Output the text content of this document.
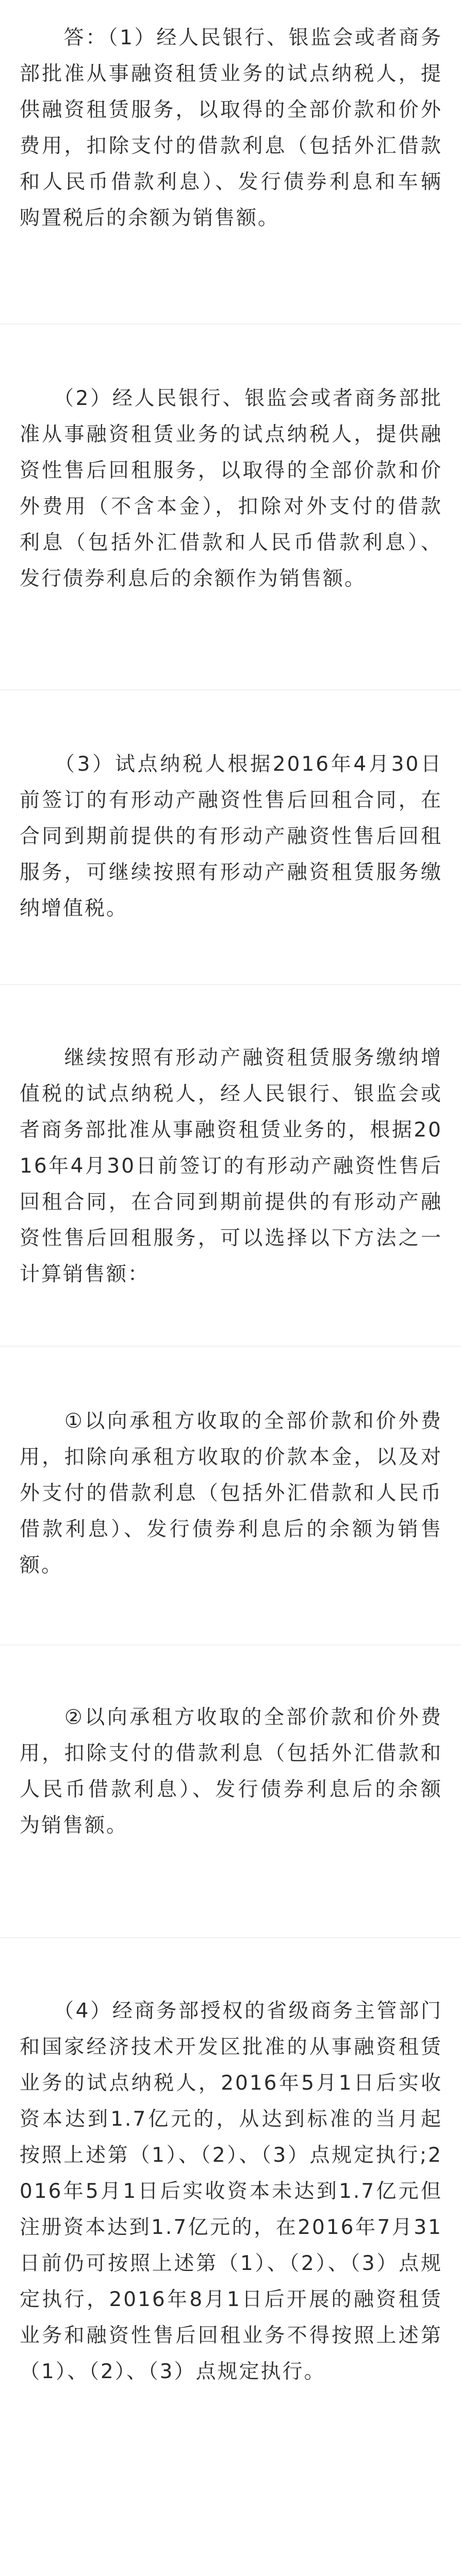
　　答：（1）经人民银行、银监会或者商务部批准从事融资租赁业务的试点纳税人，提供融资租赁服务，以取得的全部价款和价外费用，扣除支付的借款利息（包括外汇借款和人民币借款利息）、发行债券利息和车辆购置税后的余额为销售额。

　　（2）经人民银行、银监会或者商务部批准从事融资租赁业务的试点纳税人，提供融资性售后回租服务，以取得的全部价款和价外费用（不含本金），扣除对外支付的借款利息（包括外汇借款和人民币借款利息）、发行债券利息后的余额作为销售额。

　　（3）试点纳税人根据2016年4月30日前签订的有形动产融资性售后回租合同，在合同到期前提供的有形动产融资性售后回租服务，可继续按照有形动产融资租赁服务缴纳增值税。

　　继续按照有形动产融资租赁服务缴纳增值税的试点纳税人，经人民银行、银监会或者商务部批准从事融资租赁业务的，根据2016年4月30日前签订的有形动产融资性售后回租合同，在合同到期前提供的有形动产融资性售后回租服务，可以选择以下方法之一计算销售额：

　　①以向承租方收取的全部价款和价外费用，扣除向承租方收取的价款本金，以及对外支付的借款利息（包括外汇借款和人民币借款利息）、发行债券利息后的余额为销售额。

　　②以向承租方收取的全部价款和价外费用，扣除支付的借款利息（包括外汇借款和人民币借款利息）、发行债券利息后的余额为销售额。

　　（4）经商务部授权的省级商务主管部门和国家经济技术开发区批准的从事融资租赁业务的试点纳税人，2016年5月1日后实收资本达到1.7亿元的，从达到标准的当月起按照上述第（1）、（2）、（3）点规定执行;2016年5月1日后实收资本未达到1.7亿元但注册资本达到1.7亿元的，在2016年7月31日前仍可按照上述第（1）、（2）、（3）点规定执行，2016年8月1日后开展的融资租赁业务和融资性售后回租业务不得按照上述第（1）、（2）、（3）点规定执行。
